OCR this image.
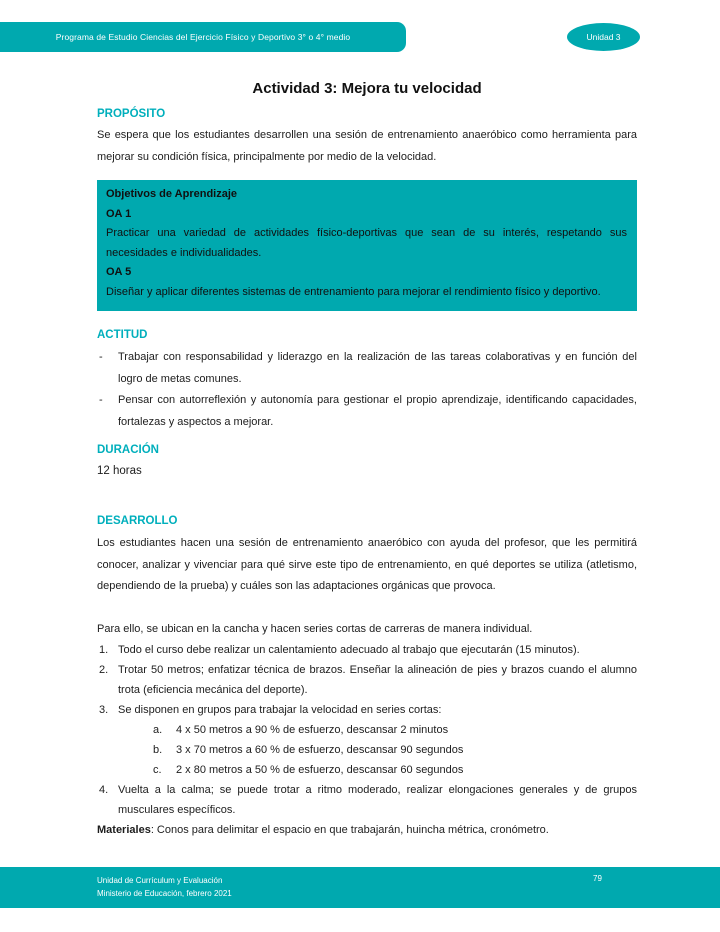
Programa de Estudio Ciencias del Ejercicio Físico y Deportivo 3° o 4° medio	Unidad 3
Actividad 3: Mejora tu velocidad
PROPÓSITO
Se espera que los estudiantes desarrollen una sesión de entrenamiento anaeróbico como herramienta para mejorar su condición física, principalmente por medio de la velocidad.
Objetivos de Aprendizaje
OA 1
Practicar una variedad de actividades físico-deportivas que sean de su interés, respetando sus necesidades e individualidades.
OA 5
Diseñar y aplicar diferentes sistemas de entrenamiento para mejorar el rendimiento físico y deportivo.
ACTITUD
-	Trabajar con responsabilidad y liderazgo en la realización de las tareas colaborativas y en función del logro de metas comunes.
-	Pensar con autorreflexión y autonomía para gestionar el propio aprendizaje, identificando capacidades, fortalezas y aspectos a mejorar.
DURACIÓN
12 horas
DESARROLLO
Los estudiantes hacen una sesión de entrenamiento anaeróbico con ayuda del profesor, que les permitirá conocer, analizar y vivenciar para qué sirve este tipo de entrenamiento, en qué deportes se utiliza (atletismo, dependiendo de la prueba) y cuáles son las adaptaciones orgánicas que provoca.
Para ello, se ubican en la cancha y hacen series cortas de carreras de manera individual.
1. Todo el curso debe realizar un calentamiento adecuado al trabajo que ejecutarán (15 minutos).
2. Trotar 50 metros; enfatizar técnica de brazos. Enseñar la alineación de pies y brazos cuando el alumno trota (eficiencia mecánica del deporte).
3. Se disponen en grupos para trabajar la velocidad en series cortas:
a.	4 x 50 metros a 90 % de esfuerzo, descansar 2 minutos
b.	3 x 70 metros a 60 % de esfuerzo, descansar 90 segundos
c.	2 x 80 metros a 50 % de esfuerzo, descansar 60 segundos
4. Vuelta a la calma; se puede trotar a ritmo moderado, realizar elongaciones generales y de grupos musculares específicos.
Materiales: Conos para delimitar el espacio en que trabajarán, huincha métrica, cronómetro.
Unidad de Currículum y Evaluación
Ministerio de Educación, febrero 2021
79
